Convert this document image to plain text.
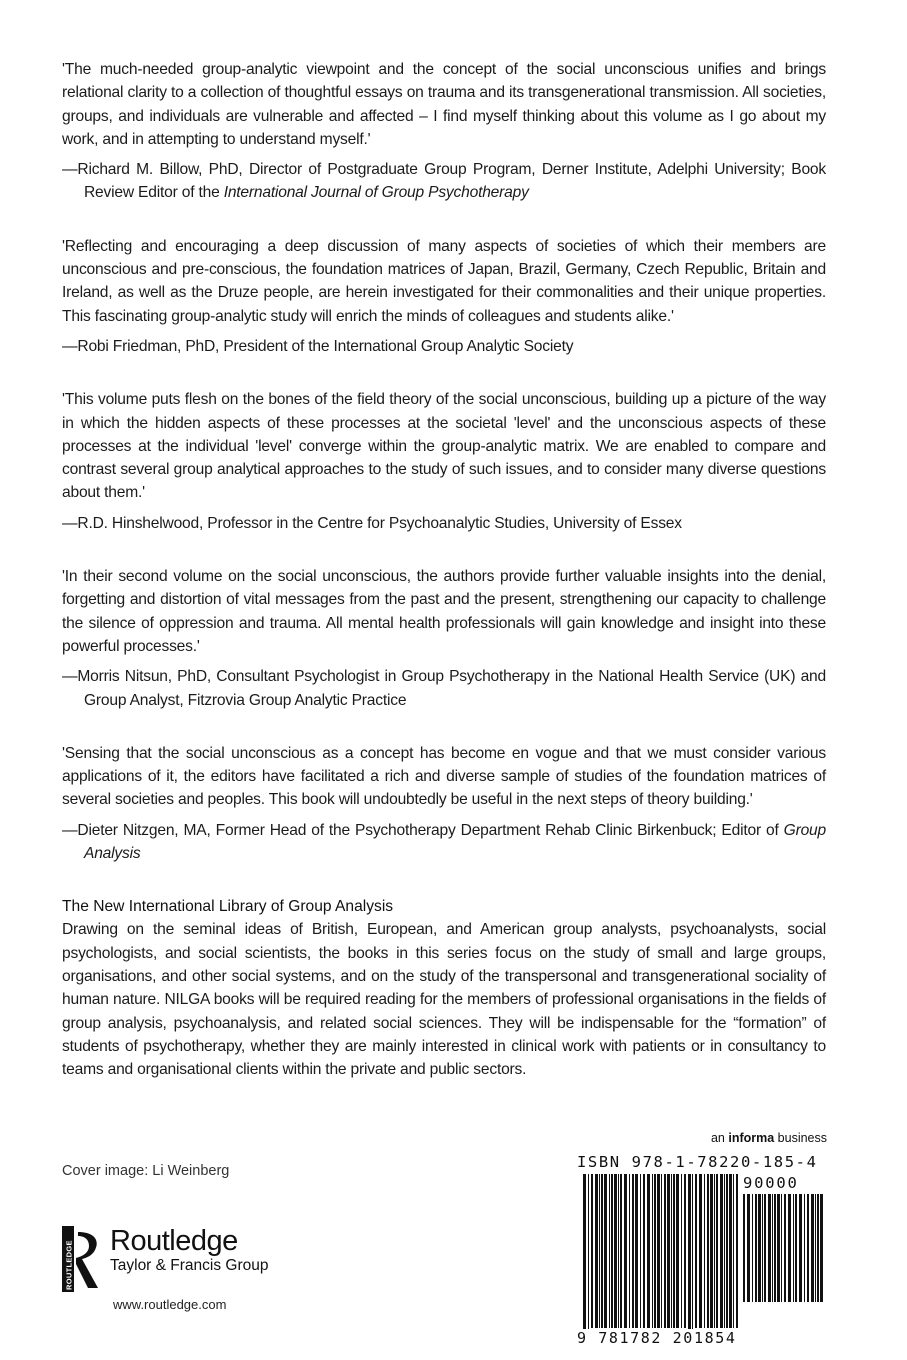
'The much-needed group-analytic viewpoint and the concept of the social unconscious unifies and brings relational clarity to a collection of thoughtful essays on trauma and its transgenerational transmission. All societies, groups, and individuals are vulnerable and affected – I find myself thinking about this volume as I go about my work, and in attempting to understand myself.'

—Richard M. Billow, PhD, Director of Postgraduate Group Program, Derner Institute, Adelphi University; Book Review Editor of the International Journal of Group Psychotherapy

'Reflecting and encouraging a deep discussion of many aspects of societies of which their members are unconscious and pre-conscious, the foundation matrices of Japan, Brazil, Germany, Czech Republic, Britain and Ireland, as well as the Druze people, are herein investigated for their commonalities and their unique properties. This fascinating group-analytic study will enrich the minds of colleagues and students alike.'

—Robi Friedman, PhD, President of the International Group Analytic Society

'This volume puts flesh on the bones of the field theory of the social unconscious, building up a picture of the way in which the hidden aspects of these processes at the societal 'level' and the unconscious aspects of these processes at the individual 'level' converge within the group-analytic matrix. We are enabled to compare and contrast several group analytical approaches to the study of such issues, and to consider many diverse questions about them.'

—R.D. Hinshelwood, Professor in the Centre for Psychoanalytic Studies, University of Essex

'In their second volume on the social unconscious, the authors provide further valuable insights into the denial, forgetting and distortion of vital messages from the past and the present, strengthening our capacity to challenge the silence of oppression and trauma. All mental health professionals will gain knowledge and insight into these powerful processes.'

—Morris Nitsun, PhD, Consultant Psychologist in Group Psychotherapy in the National Health Service (UK) and Group Analyst, Fitzrovia Group Analytic Practice

'Sensing that the social unconscious as a concept has become en vogue and that we must consider various applications of it, the editors have facilitated a rich and diverse sample of studies of the foundation matrices of several societies and peoples. This book will undoubtedly be useful in the next steps of theory building.'

—Dieter Nitzgen, MA, Former Head of the Psychotherapy Department Rehab Clinic Birkenbuck; Editor of Group Analysis

The New International Library of Group Analysis

Drawing on the seminal ideas of British, European, and American group analysts, psychoanalysts, social psychologists, and social scientists, the books in this series focus on the study of small and large groups, organisations, and other social systems, and on the study of the transpersonal and transgenerational sociality of human nature. NILGA books will be required reading for the members of professional organisations in the fields of group analysis, psychoanalysis, and related social sciences. They will be indispensable for the “formation” of students of psychotherapy, whether they are mainly interested in clinical work with patients or in consultancy to teams and organisational clients within the private and public sectors.

an informa business

Cover image: Li Weinberg

ROUTLEDGE Routledge
Taylor & Francis Group
www.routledge.com

ISBN 978-1-78220-185-4

90000
9 781782 201854
